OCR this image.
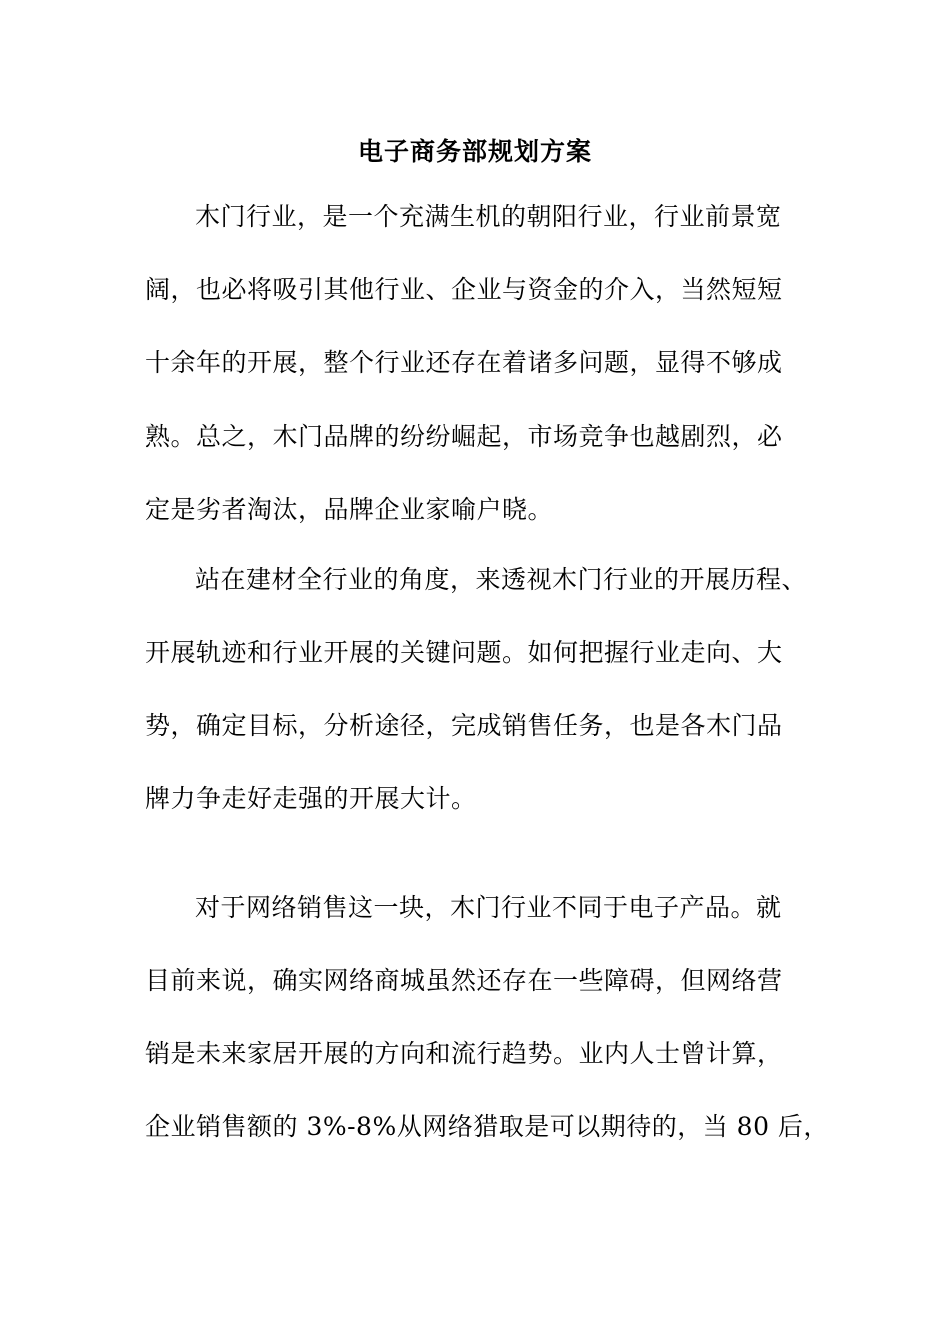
电子商务部规划方案
木门行业，是一个充满生机的朝阳行业，行业前景宽
阔，也必将吸引其他行业、企业与资金的介入，当然短短
十余年的开展，整个行业还存在着诸多问题，显得不够成
熟。总之，木门品牌的纷纷崛起，市场竞争也越剧烈，必
定是劣者淘汰，品牌企业家喻户晓。
站在建材全行业的角度，来透视木门行业的开展历程、
开展轨迹和行业开展的关键问题。如何把握行业走向、大
势，确定目标，分析途径，完成销售任务，也是各木门品
牌力争走好走强的开展大计。
对于网络销售这一块，木门行业不同于电子产品。就
目前来说，确实网络商城虽然还存在一些障碍，但网络营
销是未来家居开展的方向和流行趋势。业内人士曾计算，
企业销售额的 3%-8%从网络猎取是可以期待的，当 80 后，
